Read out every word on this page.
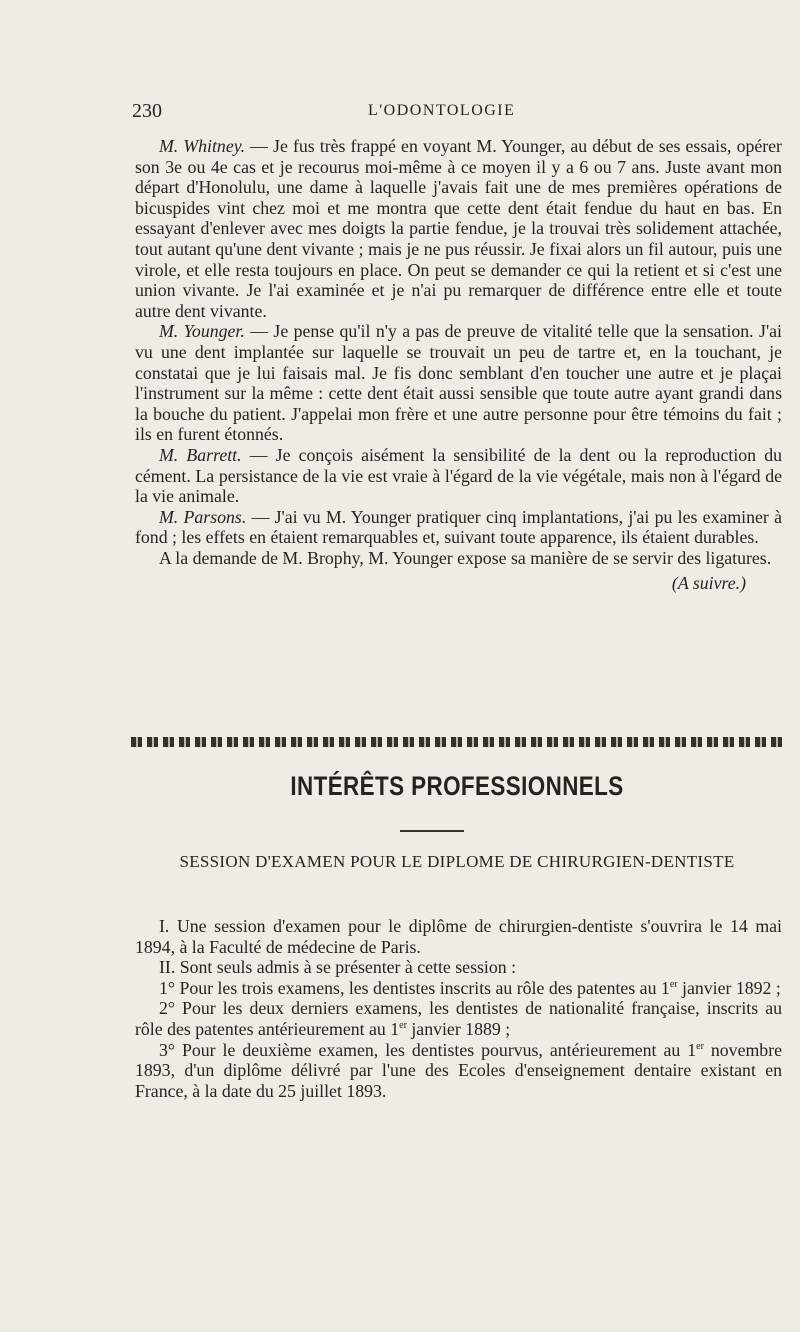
230	L'ODONTOLOGIE

M. Whitney. — Je fus très frappé en voyant M. Younger, au début de ses essais, opérer son 3e ou 4e cas et je recourus moi-même à ce moyen il y a 6 ou 7 ans. Juste avant mon départ d'Honolulu, une dame à laquelle j'avais fait une de mes premières opérations de bicuspides vint chez moi et me montra que cette dent était fendue du haut en bas. En essayant d'enlever avec mes doigts la partie fendue, je la trouvai très solidement attachée, tout autant qu'une dent vivante ; mais je ne pus réussir. Je fixai alors un fil autour, puis une virole, et elle resta toujours en place. On peut se demander ce qui la retient et si c'est une union vivante. Je l'ai examinée et je n'ai pu remarquer de différence entre elle et toute autre dent vivante.

M. Younger. — Je pense qu'il n'y a pas de preuve de vitalité telle que la sensation. J'ai vu une dent implantée sur laquelle se trouvait un peu de tartre et, en la touchant, je constatai que je lui faisais mal. Je fis donc semblant d'en toucher une autre et je plaçai l'instrument sur la même : cette dent était aussi sensible que toute autre ayant grandi dans la bouche du patient. J'appelai mon frère et une autre personne pour être témoins du fait ; ils en furent étonnés.

M. Barrett. — Je conçois aisément la sensibilité de la dent ou la reproduction du cément. La persistance de la vie est vraie à l'égard de la vie végétale, mais non à l'égard de la vie animale.

M. Parsons. — J'ai vu M. Younger pratiquer cinq implantations, j'ai pu les examiner à fond ; les effets en étaient remarquables et, suivant toute apparence, ils étaient durables.

A la demande de M. Brophy, M. Younger expose sa manière de se servir des ligatures.

(A suivre.)
INTÉRÊTS PROFESSIONNELS
SESSION D'EXAMEN POUR LE DIPLOME DE CHIRURGIEN-DENTISTE

I. Une session d'examen pour le diplôme de chirurgien-dentiste s'ouvrira le 14 mai 1894, à la Faculté de médecine de Paris.

II. Sont seuls admis à se présenter à cette session :

1° Pour les trois examens, les dentistes inscrits au rôle des patentes au 1er janvier 1892 ;

2° Pour les deux derniers examens, les dentistes de nationalité française, inscrits au rôle des patentes antérieurement au 1er janvier 1889 ;

3° Pour le deuxième examen, les dentistes pourvus, antérieurement au 1er novembre 1893, d'un diplôme délivré par l'une des Ecoles d'enseignement dentaire existant en France, à la date du 25 juillet 1893.
